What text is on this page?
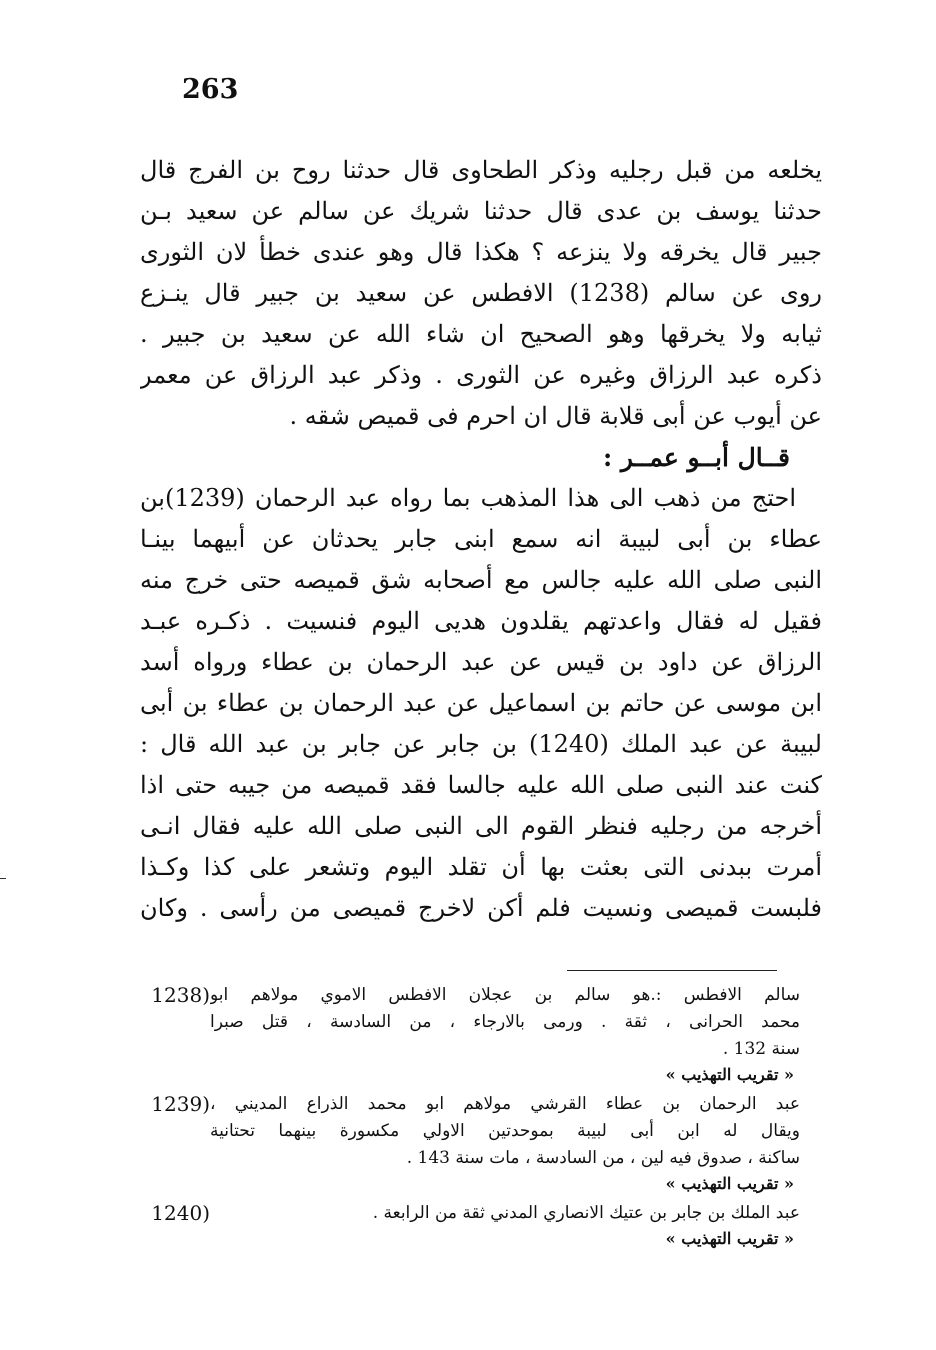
263
يخلعه من قبل رجليه وذكر الطحاوى قال حدثنا روح بن الفرج قال
حدثنا يوسف بن عدى قال حدثنا شريك عن سالم عن سعيد بـن
جبير قال يخرقه ولا ينزعه ؟ هكذا قال وهو عندى خطأ لان الثورى
روى عن سالم (1238) الافطس عن سعيد بن جبير قال ينـزع
ثيابه ولا يخرقها وهو الصحيح ان شاء الله عن سعيد بن جبير .
ذكره عبد الرزاق وغيره عن الثورى . وذكر عبد الرزاق عن معمر
عن أيوب عن أبى قلابة قال ان احرم فى قميص شقه .
قــال أبــو عمــر :
احتج من ذهب الى هذا المذهب بما رواه عبد الرحمان (1239)بن
عطاء بن أبى لبيبة انه سمع ابنى جابر يحدثان عن أبيهما بينـا
النبى صلى الله عليه جالس مع أصحابه شق قميصه حتى خرج منه
فقيل له فقال واعدتهم يقلدون هديى اليوم فنسيت . ذكـره عبـد
الرزاق عن داود بن قيس عن عبد الرحمان بن عطاء ورواه أسد
ابن موسى عن حاتم بن اسماعيل عن عبد الرحمان بن عطاء بن أبى
لبيبة عن عبد الملك (1240) بن جابر عن جابر بن عبد الله قال :
كنت عند النبى صلى الله عليه جالسا فقد قميصه من جيبه حتى اذا
أخرجه من رجليه فنظر القوم الى النبى صلى الله عليه فقال انـى
أمرت ببدنى التى بعثت بها أن تقلد اليوم وتشعر على كذا وكـذا
فلبست قميصى ونسيت فلم أكن لاخرج قميصى من رأسى . وكان
سالم الافطس :.هو سالم بن عجلان الافطس الاموي مولاهم ابو
محمد الحرانى ، ثقة . ورمى بالارجاء ، من السادسة ، قتل صبرا
سنة 132 .
« تقريب التهذيب »
1238)
عبد الرحمان بن عطاء القرشي مولاهم ابو محمد الذراع المديني ،
ويقال له ابن أبى لبيبة بموحدتين الاولي مكسورة بينهما تحتانية
ساكنة ، صدوق فيه لين ، من السادسة ، مات سنة 143 .
« تقريب التهذيب »
1239)
عبد الملك بن جابر بن عتيك الانصاري المدني ثقة من الرابعة .
« تقريب التهذيب »
1240)
